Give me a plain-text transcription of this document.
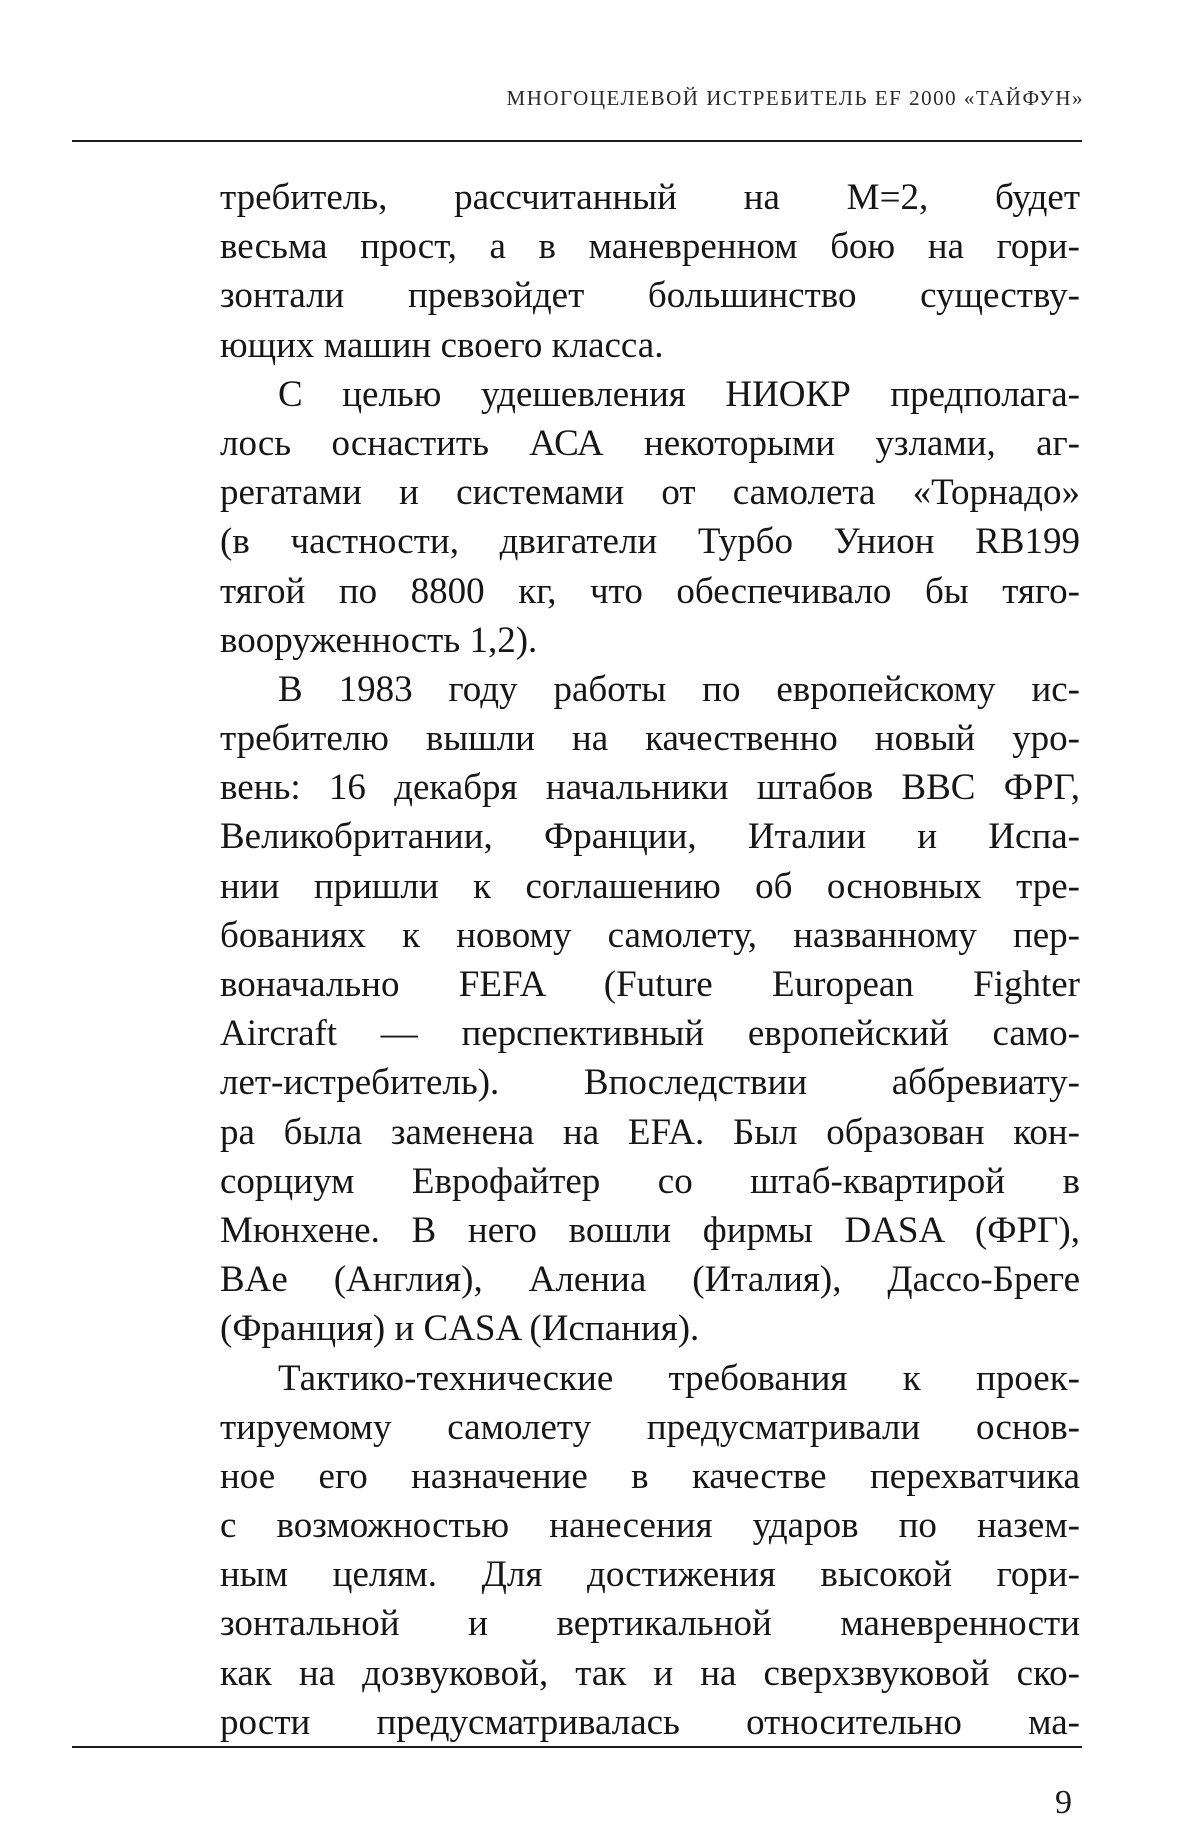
МНОГОЦЕЛЕВОЙ ИСТРЕБИТЕЛЬ EF 2000 «ТАЙФУН»
требитель, рассчитанный на М=2, будет
весьма прост, а в маневренном бою на гори-
зонтали превзойдет большинство существу-
ющих машин своего класса.
С целью удешевления НИОКР предполага-
лось оснастить АСА некоторыми узлами, аг-
регатами и системами от самолета «Торнадо»
(в частности, двигатели Турбо Унион RB199
тягой по 8800 кг, что обеспечивало бы тяго-
вооруженность 1,2).
В 1983 году работы по европейскому ис-
требителю вышли на качественно новый уро-
вень: 16 декабря начальники штабов ВВС ФРГ,
Великобритании, Франции, Италии и Испа-
нии пришли к соглашению об основных тре-
бованиях к новому самолету, названному пер-
воначально FEFA (Future European Fighter
Aircraft — перспективный европейский само-
лет-истребитель). Впоследствии аббревиату-
ра была заменена на EFA. Был образован кон-
сорциум Еврофайтер со штаб-квартирой в
Мюнхене. В него вошли фирмы DASA (ФРГ),
BAe (Англия), Алениа (Италия), Дассо-Бреге
(Франция) и CASA (Испания).
Тактико-технические требования к проек-
тируемому самолету предусматривали основ-
ное его назначение в качестве перехватчика
с возможностью нанесения ударов по назем-
ным целям. Для достижения высокой гори-
зонтальной и вертикальной маневренности
как на дозвуковой, так и на сверхзвуковой ско-
рости предусматривалась относительно ма-
9
